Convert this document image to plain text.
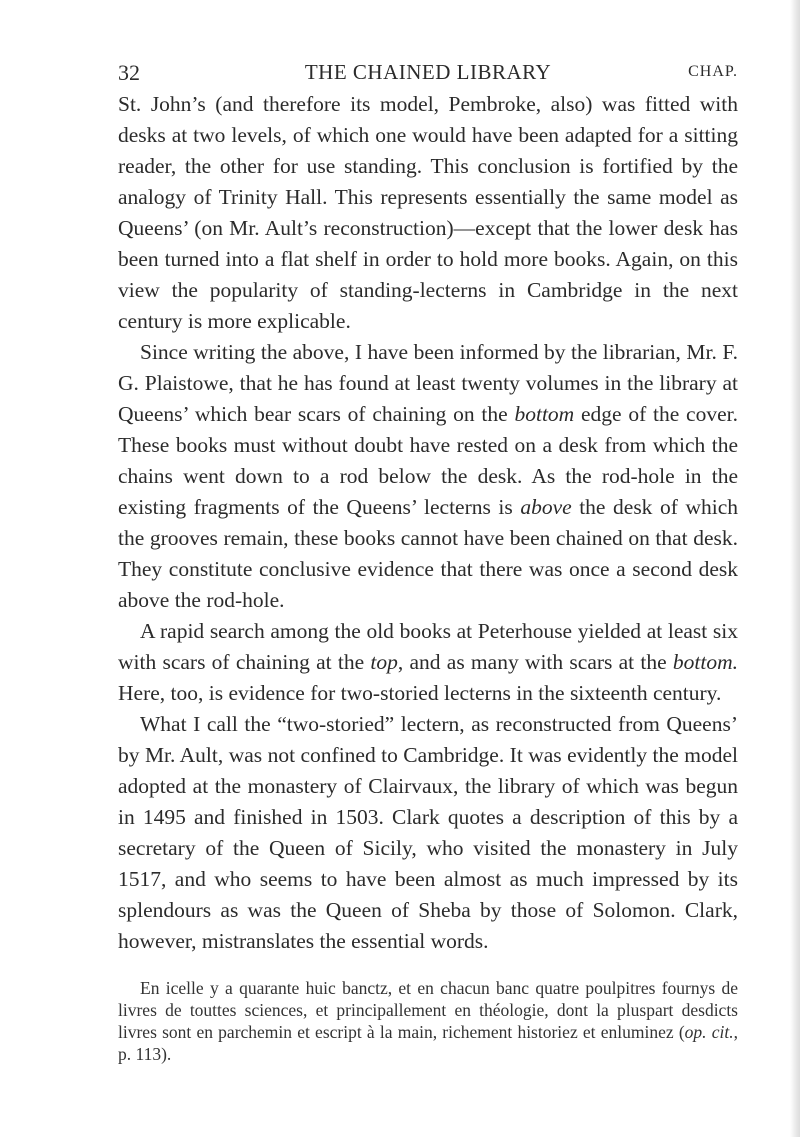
32	THE CHAINED LIBRARY	CHAP.

St. John’s (and therefore its model, Pembroke, also) was fitted with desks at two levels, of which one would have been adapted for a sitting reader, the other for use standing. This conclusion is fortified by the analogy of Trinity Hall. This represents essentially the same model as Queens’ (on Mr. Ault’s reconstruction)—except that the lower desk has been turned into a flat shelf in order to hold more books. Again, on this view the popularity of standing-lecterns in Cambridge in the next century is more explicable.

Since writing the above, I have been informed by the librarian, Mr. F. G. Plaistowe, that he has found at least twenty volumes in the library at Queens’ which bear scars of chaining on the bottom edge of the cover. These books must without doubt have rested on a desk from which the chains went down to a rod below the desk. As the rod-hole in the existing fragments of the Queens’ lecterns is above the desk of which the grooves remain, these books cannot have been chained on that desk. They constitute conclusive evidence that there was once a second desk above the rod-hole.

A rapid search among the old books at Peterhouse yielded at least six with scars of chaining at the top, and as many with scars at the bottom. Here, too, is evidence for two-storied lecterns in the sixteenth century.

What I call the “two-storied” lectern, as reconstructed from Queens’ by Mr. Ault, was not confined to Cambridge. It was evidently the model adopted at the monastery of Clairvaux, the library of which was begun in 1495 and finished in 1503. Clark quotes a description of this by a secretary of the Queen of Sicily, who visited the monastery in July 1517, and who seems to have been almost as much impressed by its splendours as was the Queen of Sheba by those of Solomon. Clark, however, mistranslates the essential words.

En icelle y a quarante huic banctz, et en chacun banc quatre poulpitres fournys de livres de touttes sciences, et principallement en théologie, dont la pluspart desdicts livres sont en parchemin et escript à la main, richement historiez et enluminez (op. cit., p. 113).
